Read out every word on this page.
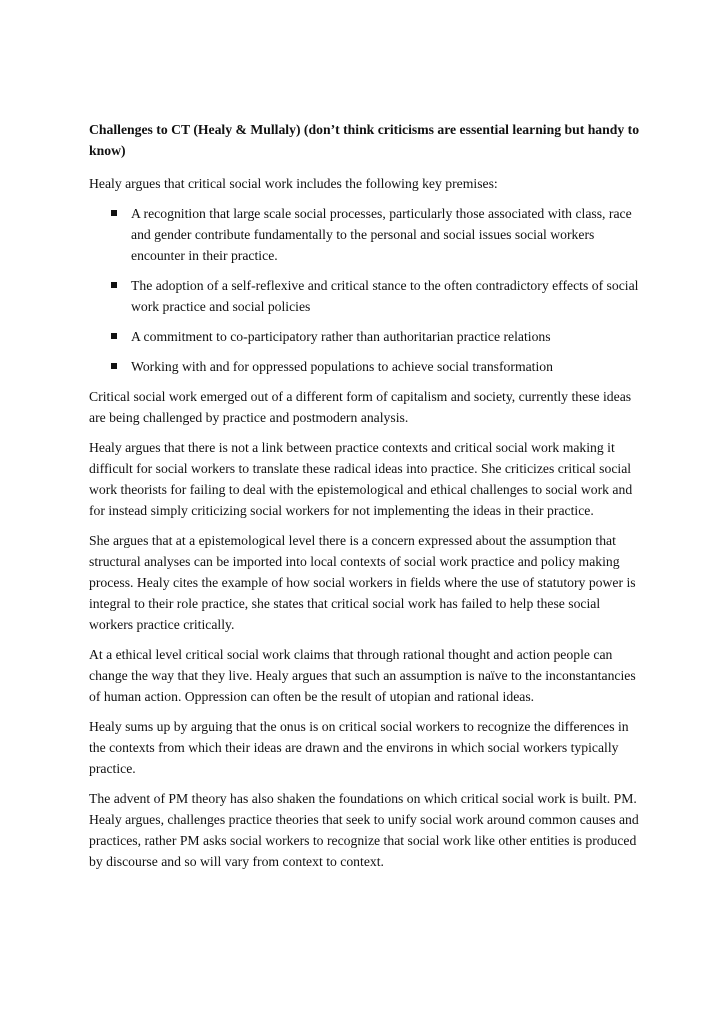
Challenges to CT (Healy & Mullaly) (don’t think criticisms are essential learning but handy to know)

Healy argues that critical social work includes the following key premises:

A recognition that large scale social processes, particularly those associated with class, race and gender contribute fundamentally to the personal and social issues social workers encounter in their practice.
The adoption of a self-reflexive and critical stance to the often contradictory effects of social work practice and social policies
A commitment to co-participatory rather than authoritarian practice relations
Working with and for oppressed populations to achieve social transformation

Critical social work emerged out of a different form of capitalism and society, currently these ideas are being challenged by practice and postmodern analysis.

Healy argues that there is not a link between practice contexts and critical social work making it difficult for social workers to translate these radical ideas into practice. She criticizes critical social work theorists for failing to deal with the epistemological and ethical challenges to social work and for instead simply criticizing social workers for not implementing the ideas in their practice.

She argues that at a epistemological level there is a concern expressed about the assumption that structural analyses can be imported into local contexts of social work practice and policy making process. Healy cites the example of how social workers in fields where the use of statutory power is integral to their role practice, she states that critical social work has failed to help these social workers practice critically.

At a ethical level critical social work claims that through rational thought and action people can change the way that they live. Healy argues that such an assumption is naïve to the inconstantancies of human action. Oppression can often be the result of utopian and rational ideas.

Healy sums up by arguing that the onus is on critical social workers to recognize the differences in the contexts from which their ideas are drawn and the environs in which social workers typically practice.

The advent of PM theory has also shaken the foundations on which critical social work is built. PM. Healy argues, challenges practice theories that seek to unify social work around common causes and practices, rather PM asks social workers to recognize that social work like other entities is produced by discourse and so will vary from context to context.
